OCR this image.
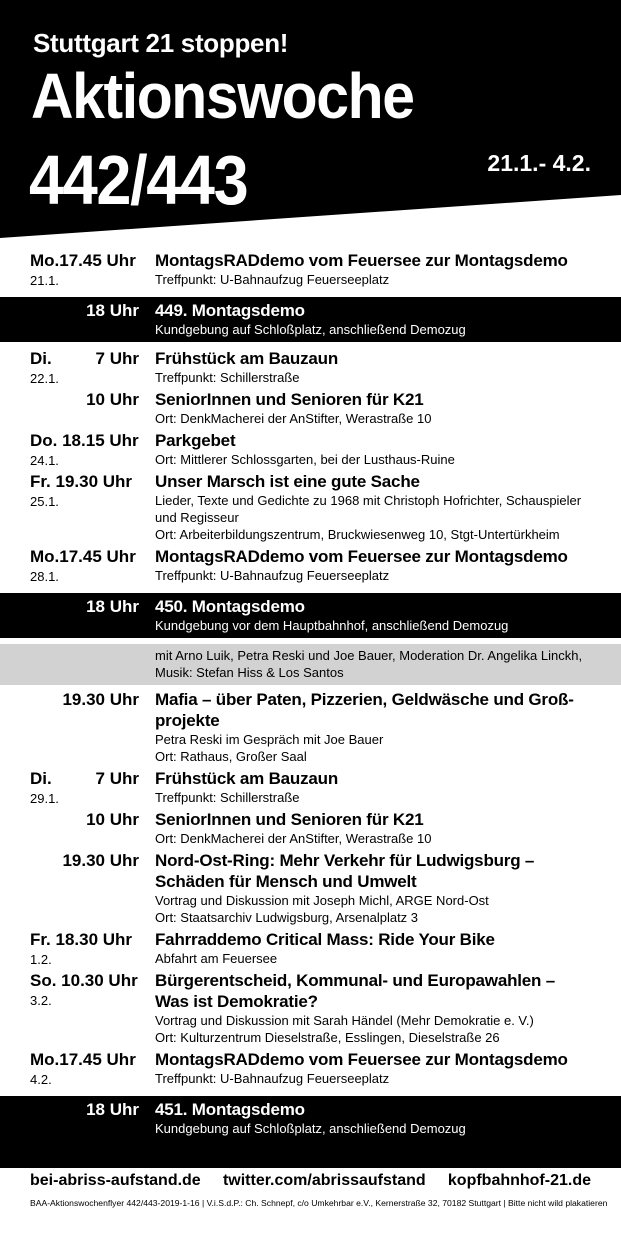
Stuttgart 21 stoppen!
Aktionswoche
442/443	21.1.- 4.2.
Mo.17.45 Uhr
21.1.
MontagsRADdemo vom Feuersee zur Montagsdemo
Treffpunkt: U-Bahnaufzug Feuerseeplatz
18 Uhr 449. Montagsdemo
Kundgebung auf Schloßplatz, anschließend Demozug
Di.
22.1.
7 Uhr Frühstück am Bauzaun
Treffpunkt: Schillerstraße
10 Uhr SeniorInnen und Senioren für K21
Ort: DenkMacherei der AnStifter, Werastraße 10
Do. 18.15 Uhr
24.1.
Parkgebet
Ort: Mittlerer Schlossgarten, bei der Lusthaus-Ruine
Fr. 19.30 Uhr
25.1.
Unser Marsch ist eine gute Sache
Lieder, Texte und Gedichte zu 1968 mit Christoph Hofrichter, Schauspieler
und Regisseur
Ort: Arbeiterbildungszentrum, Bruckwiesenweg 10, Stgt-Untertürkheim
Mo.17.45 Uhr
28.1.
MontagsRADdemo vom Feuersee zur Montagsdemo
Treffpunkt: U-Bahnaufzug Feuerseeplatz
18 Uhr 450. Montagsdemo
Kundgebung vor dem Hauptbahnhof, anschließend Demozug
mit Arno Luik, Petra Reski und Joe Bauer, Moderation Dr. Angelika Linckh,
Musik: Stefan Hiss & Los Santos
19.30 Uhr Mafia – über Paten, Pizzerien, Geldwäsche und Groß-
projekte
Petra Reski im Gespräch mit Joe Bauer
Ort: Rathaus, Großer Saal
Di.
29.1.
7 Uhr Frühstück am Bauzaun
Treffpunkt: Schillerstraße
10 Uhr SeniorInnen und Senioren für K21
Ort: DenkMacherei der AnStifter, Werastraße 10
19.30 Uhr Nord-Ost-Ring: Mehr Verkehr für Ludwigsburg –
Schäden für Mensch und Umwelt
Vortrag und Diskussion mit Joseph Michl, ARGE Nord-Ost
Ort: Staatsarchiv Ludwigsburg, Arsenalplatz 3
Fr. 18.30 Uhr
1.2.
Fahrraddemo Critical Mass: Ride Your Bike
Abfahrt am Feuersee
So. 10.30 Uhr
3.2.
Bürgerentscheid, Kommunal- und Europawahlen –
Was ist Demokratie?
Vortrag und Diskussion mit Sarah Händel (Mehr Demokratie e. V.)
Ort: Kulturzentrum Dieselstraße, Esslingen, Dieselstraße 26
Mo.17.45 Uhr
4.2.
MontagsRADdemo vom Feuersee zur Montagsdemo
Treffpunkt: U-Bahnaufzug Feuerseeplatz
18 Uhr 451. Montagsdemo
Kundgebung auf Schloßplatz, anschließend Demozug
bei-abriss-aufstand.de twitter.com/abrissaufstand kopfbahnhof-21.de
BAA-Aktionswochenflyer 442/443-2019-1-16 | V.i.S.d.P.: Ch. Schnepf, c/o Umkehrbar e.V., Kernerstraße 32, 70182 Stuttgart | Bitte nicht wild plakatieren
